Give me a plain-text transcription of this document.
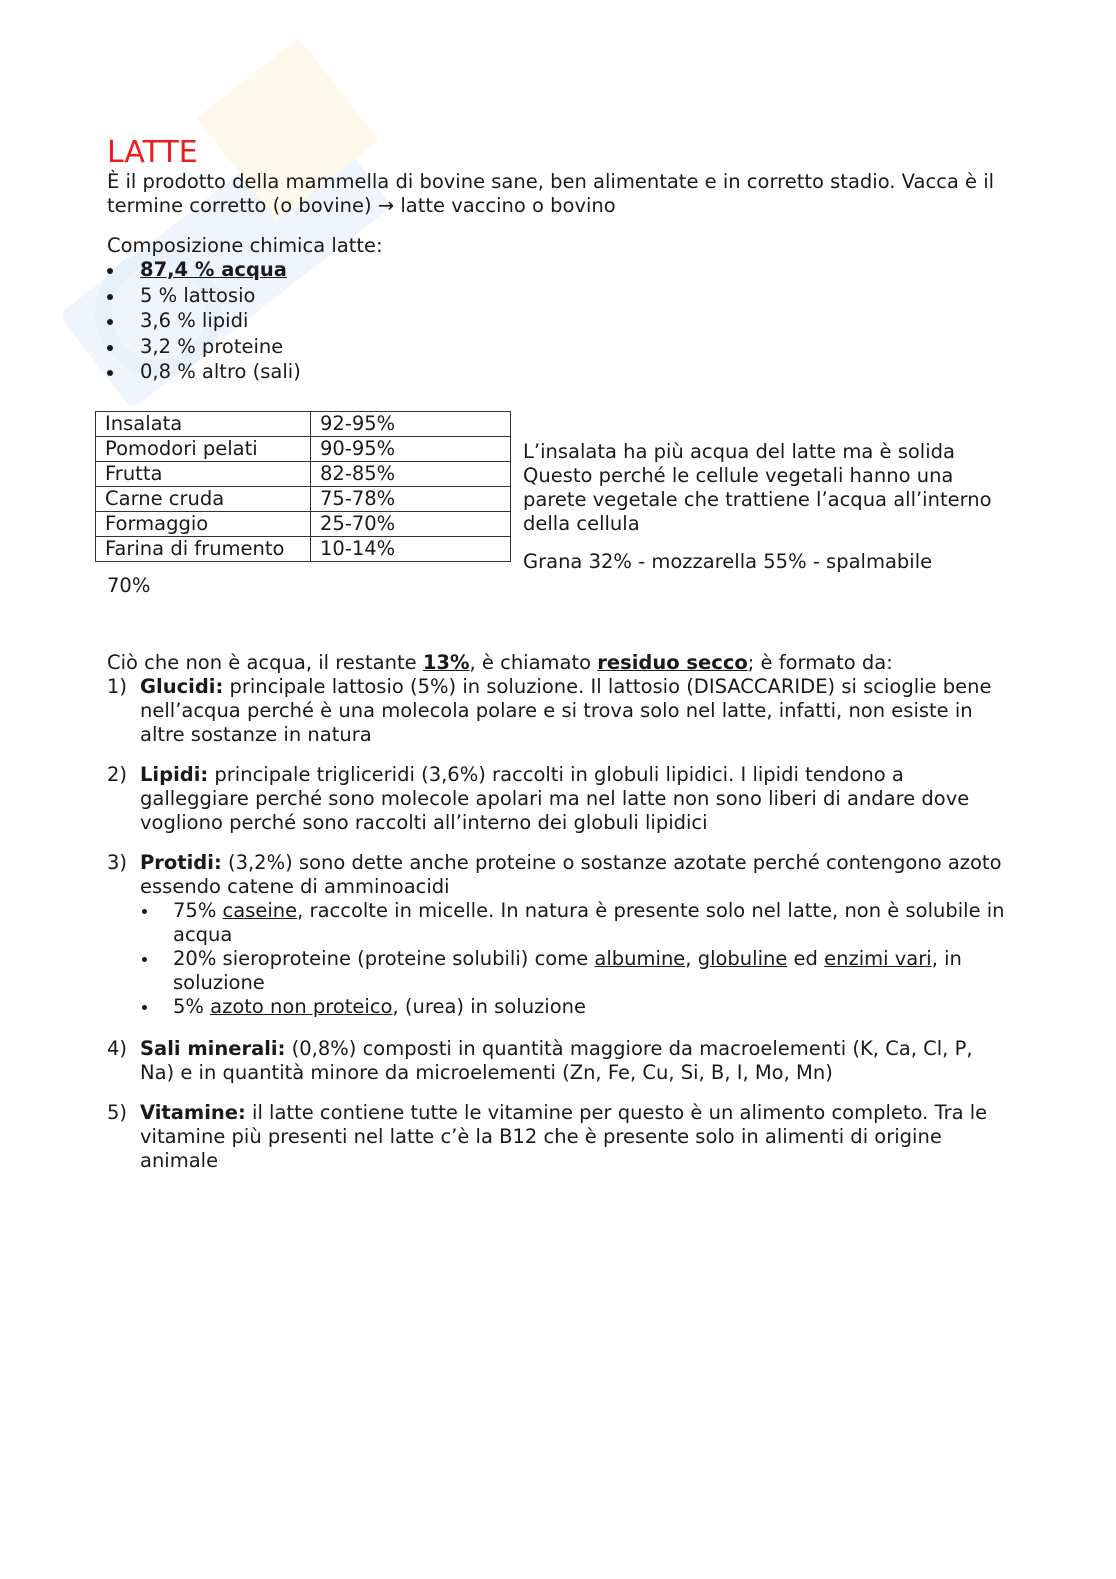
LATTE
È il prodotto della mammella di bovine sane, ben alimentate e in corretto stadio. Vacca è il termine corretto (o bovine) → latte vaccino o bovino
Composizione chimica latte:
87,4 % acqua
5 % lattosio
3,6 % lipidi
3,2 % proteine
0,8 % altro (sali)
Insalata	92-95%
Pomodori pelati	90-95%
Frutta	82-85%
Carne cruda	75-78%
Formaggio	25-70%
Farina di frumento	10-14%
L’insalata ha più acqua del latte ma è solida Questo perché le cellule vegetali hanno una parete vegetale che trattiene l’acqua all’interno della cellula
Grana 32% - mozzarella 55% - spalmabile
70%
Ciò che non è acqua, il restante 13%, è chiamato residuo secco; è formato da:
1) Glucidi: principale lattosio (5%) in soluzione. Il lattosio (DISACCARIDE) si scioglie bene nell’acqua perché è una molecola polare e si trova solo nel latte, infatti, non esiste in altre sostanze in natura
2) Lipidi: principale trigliceridi (3,6%) raccolti in globuli lipidici. I lipidi tendono a galleggiare perché sono molecole apolari ma nel latte non sono liberi di andare dove vogliono perché sono raccolti all’interno dei globuli lipidici
3) Protidi: (3,2%) sono dette anche proteine o sostanze azotate perché contengono azoto essendo catene di amminoacidi
75% caseine, raccolte in micelle. In natura è presente solo nel latte, non è solubile in acqua
20% sieroproteine (proteine solubili) come albumine, globuline ed enzimi vari, in soluzione
5% azoto non proteico, (urea) in soluzione
4) Sali minerali: (0,8%) composti in quantità maggiore da macroelementi (K, Ca, Cl, P, Na) e in quantità minore da microelementi (Zn, Fe, Cu, Si, B, I, Mo, Mn)
5) Vitamine: il latte contiene tutte le vitamine per questo è un alimento completo. Tra le vitamine più presenti nel latte c’è la B12 che è presente solo in alimenti di origine animale
